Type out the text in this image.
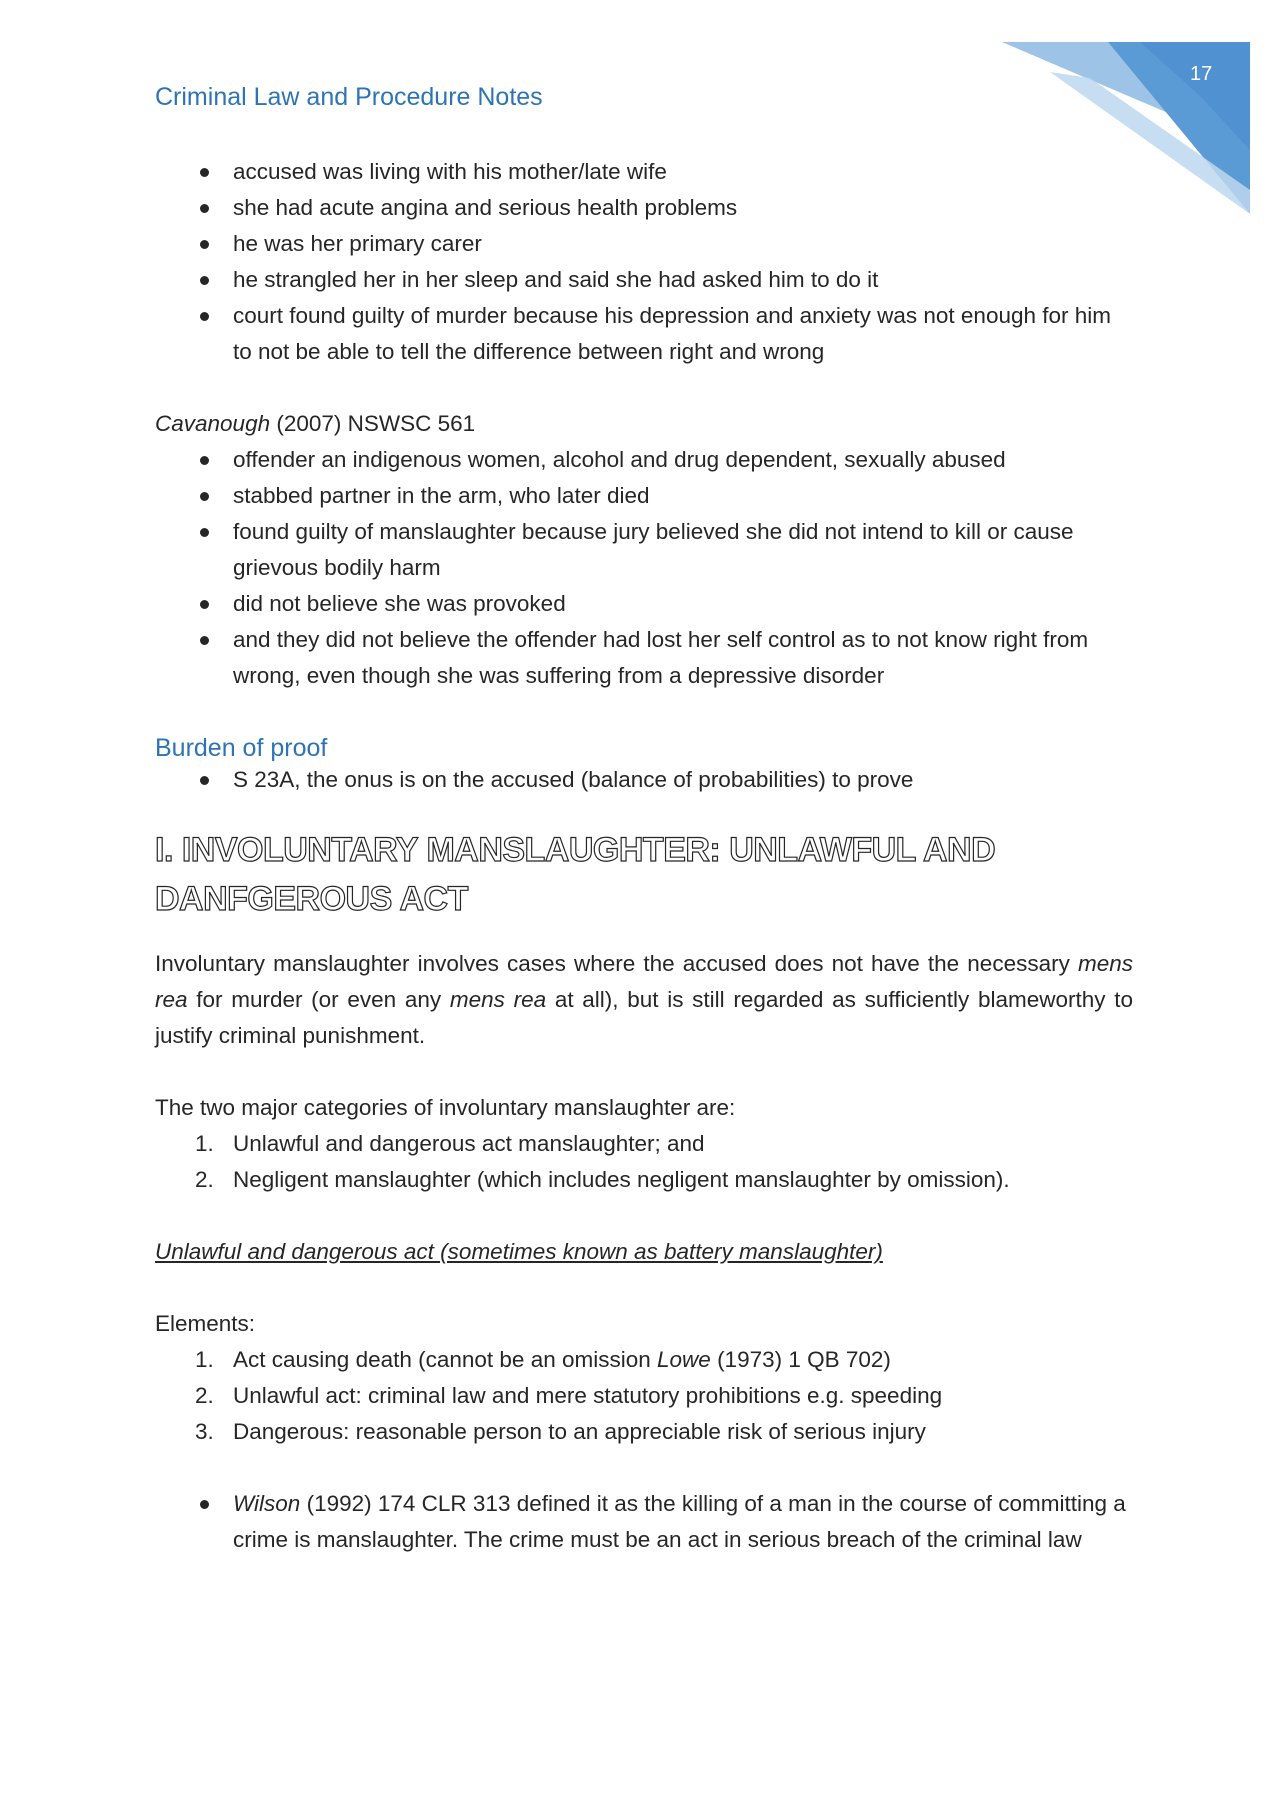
17
Criminal Law and Procedure Notes
accused was living with his mother/late wife
she had acute angina and serious health problems
he was her primary carer
he strangled her in her sleep and said she had asked him to do it
court found guilty of murder because his depression and anxiety was not enough for him to not be able to tell the difference between right and wrong

Cavanough (2007) NSWSC 561

offender an indigenous women, alcohol and drug dependent, sexually abused
stabbed partner in the arm, who later died
found guilty of manslaughter because jury believed she did not intend to kill or cause grievous bodily harm
did not believe she was provoked
and they did not believe the offender had lost her self control as to not know right from wrong, even though she was suffering from a depressive disorder

Burden of proof

S 23A, the onus is on the accused (balance of probabilities) to prove

I. INVOLUNTARY MANSLAUGHTER: UNLAWFUL AND
DANFGEROUS ACT

Involuntary manslaughter involves cases where the accused does not have the necessary mens rea for murder (or even any mens rea at all), but is still regarded as sufficiently blameworthy to justify criminal punishment.

The two major categories of involuntary manslaughter are:

1. Unlawful and dangerous act manslaughter; and
2. Negligent manslaughter (which includes negligent manslaughter by omission).

Unlawful and dangerous act (sometimes known as battery manslaughter)

Elements:

1. Act causing death (cannot be an omission Lowe (1973) 1 QB 702)
2. Unlawful act: criminal law and mere statutory prohibitions e.g. speeding
3. Dangerous: reasonable person to an appreciable risk of serious injury
Wilson (1992) 174 CLR 313 defined it as the killing of a man in the course of committing a crime is manslaughter. The crime must be an act in serious breach of the criminal law
